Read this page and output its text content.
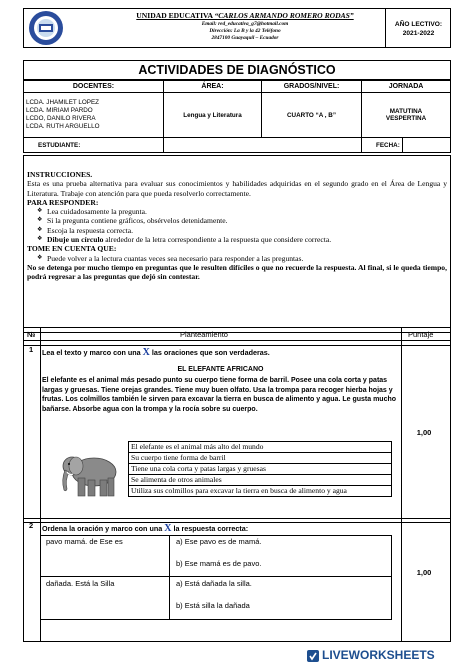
UNIDAD EDUCATIVA “CARLOS ARMANDO ROMERO RODAS”
Email: red_educativa_g7@hotmail.com
Dirección: La B y la 42 Teléfono
2847100 Guayaquil – Ecuador
AÑO LECTIVO:
2021-2022
ACTIVIDADES DE DIAGNÓSTICO
DOCENTES:	ÁREA:	GRADOS/NIVEL:	JORNADA

LCDA. JHAMILET LOPEZ
LCDA. MIRIAM PARDO
LCDO, DANILO RIVERA
LCDA. RUTH ARGUELLO
	Lengua y Literatura	CUARTO “A , B”	MATUTINA
VESPERTINA

ESTUDIANTE:			FECHA:	
INSTRUCCIONES.
Esta es una prueba alternativa para evaluar sus conocimientos y habilidades adquiridas en el segundo grado en el Área de Lengua y Literatura. Trabaje con atención para que pueda resolverlo correctamente.
PARA RESPONDER:
❖ Lea cuidadosamente la pregunta.
❖ Si la pregunta contiene gráficos, obsérvelos detenidamente.
❖ Escoja la respuesta correcta.
❖ Dibuje un círculo alrededor de la letra correspondiente a la respuesta que considere correcta.
TOME EN CUENTA QUE:
❖ Puede volver a la lectura cuantas veces sea necesario para responder a las preguntas.
No se detenga por mucho tiempo en preguntas que le resulten difíciles o que no recuerde la respuesta. Al final, si le queda tiempo, podrá regresar a las preguntas que dejó sin contestar.
№	Planteamiento	Puntaje
1 Lea el texto y marco con una X las oraciones que son verdaderas.
EL ELEFANTE AFRICANO
El elefante es el animal más pesado punto su cuerpo tiene forma de barril. Posee una cola corta y patas largas y gruesas. Tiene orejas grandes. Tiene muy buen olfato. Usa la trompa para recoger hierba hojas y frutas. Los colmillos también le sirven para excavar la tierra en busca de alimento y agua. Le gusta mucho bañarse. Absorbe agua con la trompa y la rocía sobre su cuerpo.
El elefante es el animal más alto del mundo
Su cuerpo tiene forma de barril
Tiene una cola corta y patas largas y gruesas
Se alimenta de otros animales
Utiliza sus colmillos para excavar la tierra en busca de alimento y agua
1,00
2 Ordena la oración y marco con una X la respuesta correcta:
pavo mamá. de Ese es	a) Ese pavo es de mamá.
b) Ese mamá es de pavo.
dañada. Está la Silla	a) Está dañada la silla.
b) Está silla la dañada
1,00
LIVEWORKSHEETS
